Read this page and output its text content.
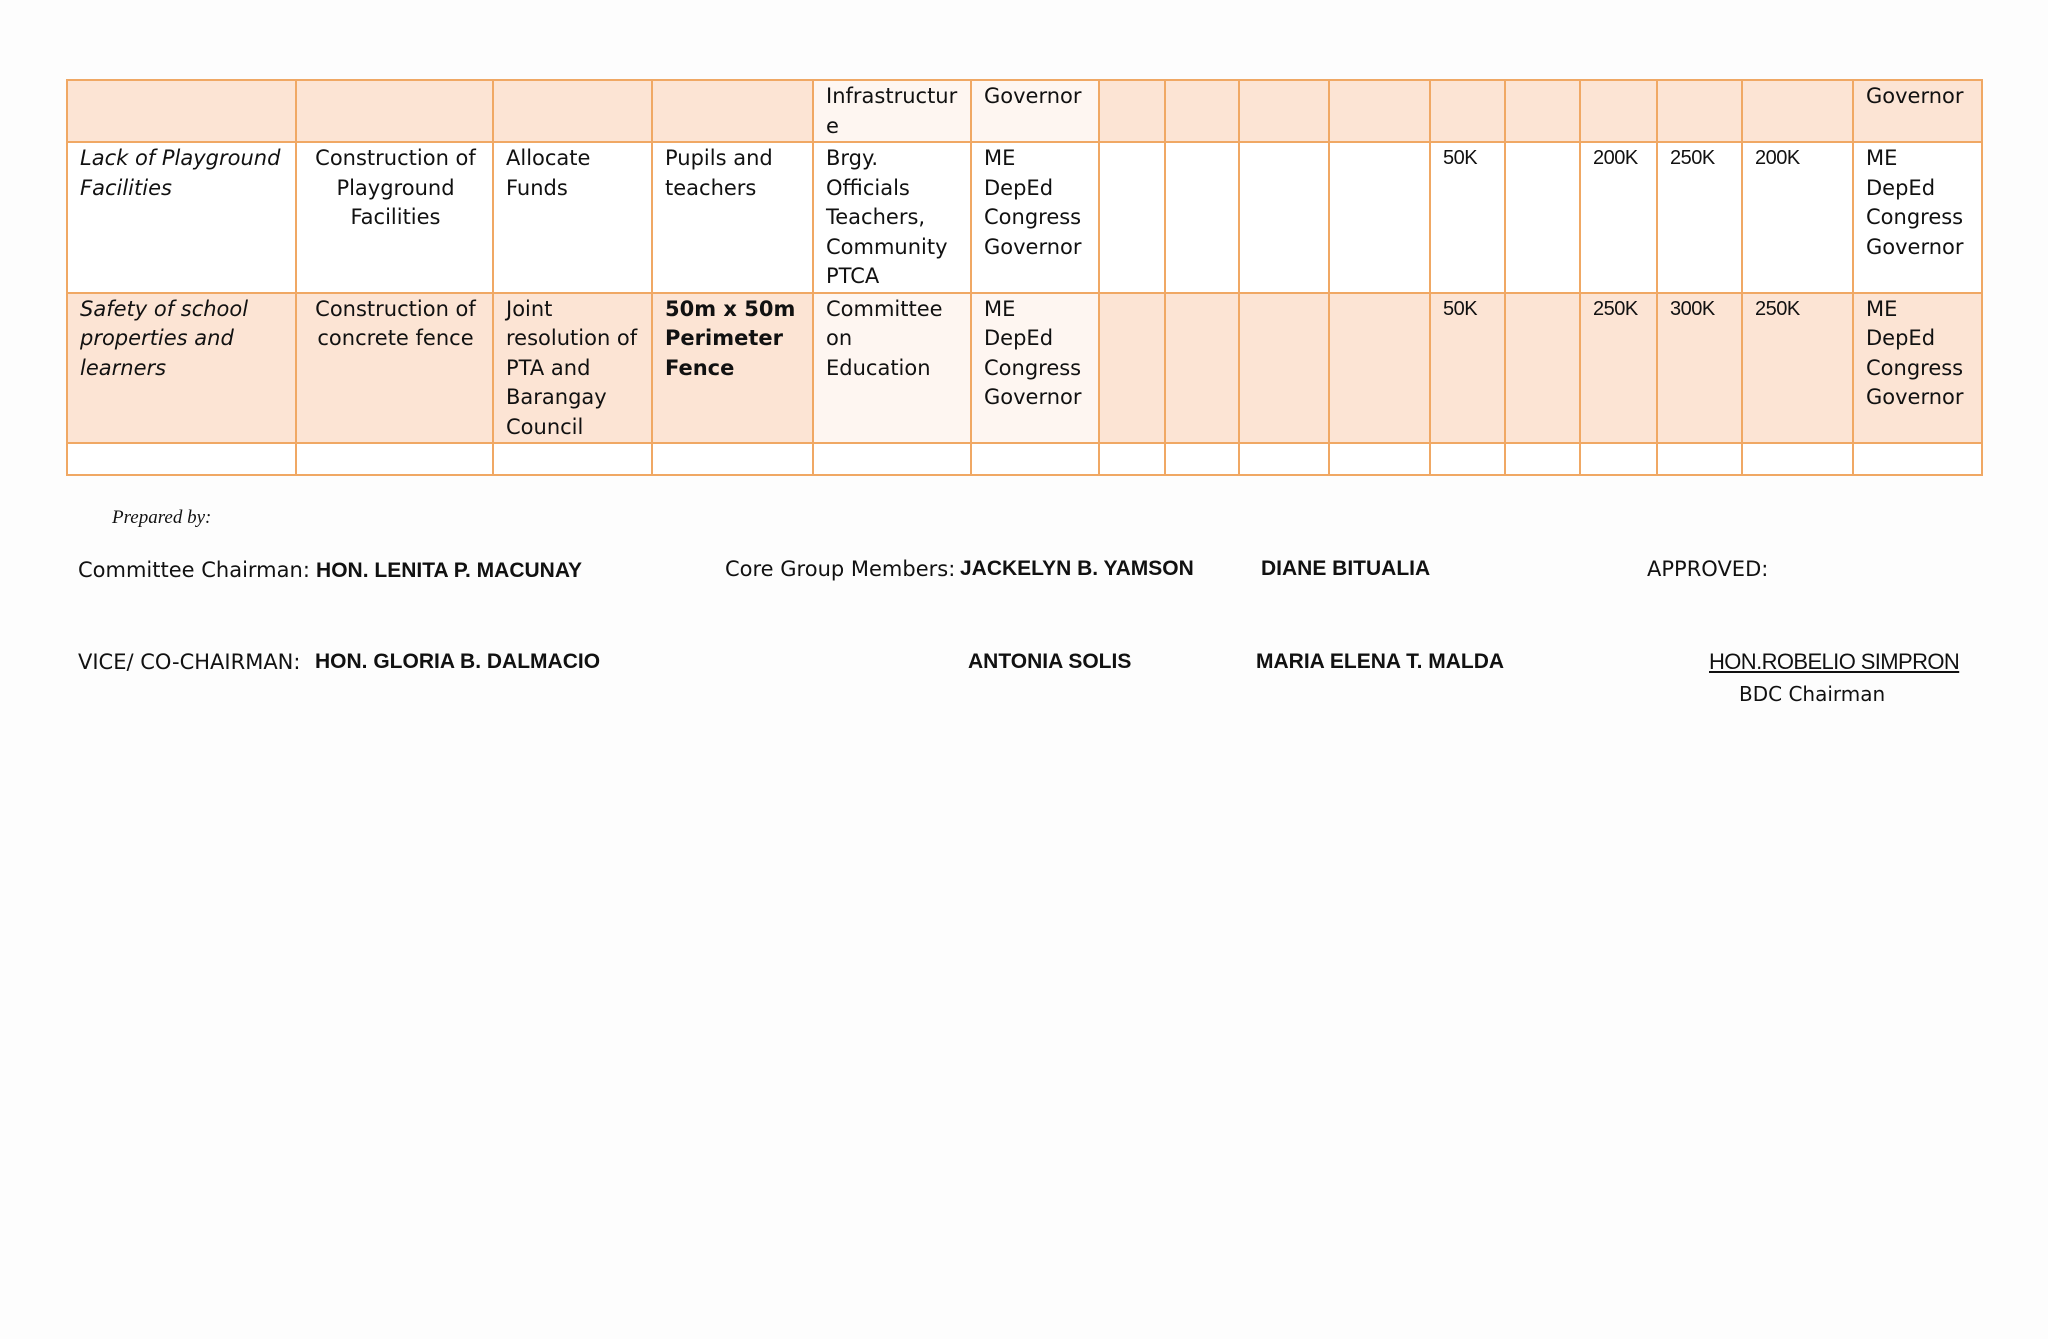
				Infrastructure	Governor										Governor
Lack of Playground Facilities	Construction of Playground Facilities	Allocate Funds	Pupils and teachers	Brgy. Officials Teachers, Community PTCA	ME
DepEd
Congress
Governor					50K		200K	250K	200K	ME
DepEd
Congress
Governor
Safety of school properties and learners	Construction of concrete fence	Joint resolution of PTA and Barangay Council	50m x 50m Perimeter Fence	Committee on Education	ME
DepEd
Congress
Governor					50K		250K	300K	250K	ME
DepEd
Congress
Governor

Prepared by:
Committee Chairman: HON. LENITA P. MACUNAY	Core Group Members: JACKELYN B. YAMSON	DIANE BITUALIA	APPROVED:
VICE/ CO-CHAIRMAN: HON. GLORIA B. DALMACIO	ANTONIA SOLIS	MARIA ELENA T. MALDA	HON.ROBELIO SIMPRON
BDC Chairman
